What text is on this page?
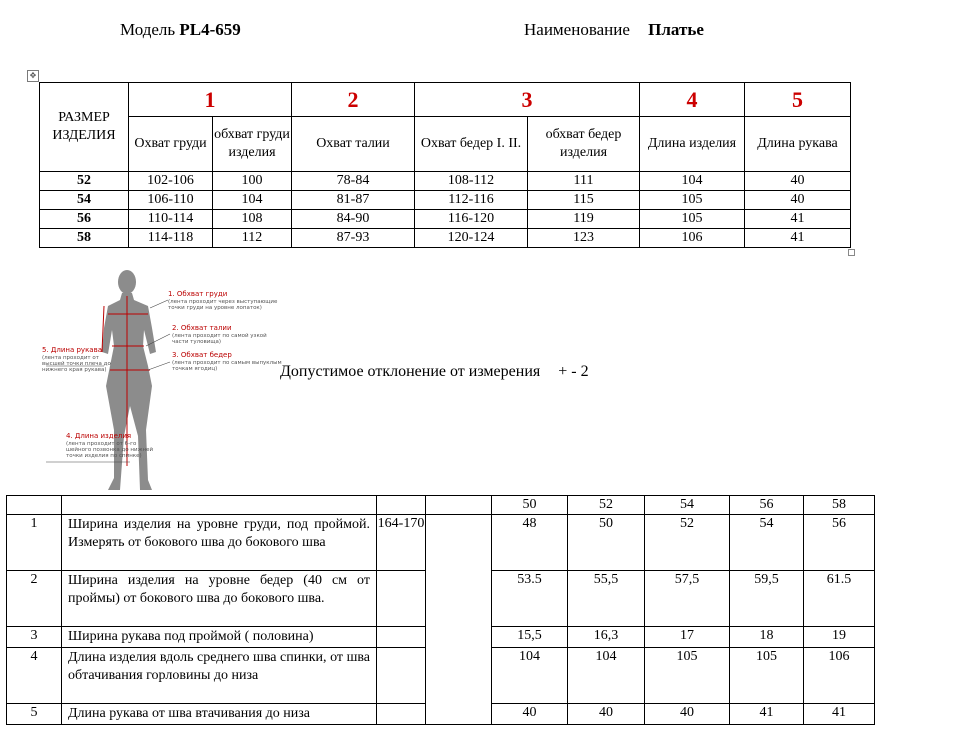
Модель PL4-659	Наименование Платье
✥
РАЗМЕР ИЗДЕЛИЯ	1		2	3		4	5
	Охват груди	обхват груди изделия	Охват талии	Охват бедер I. II.	обхват бедер изделия	Длина изделия	Длина рукава
52	102-106	100	78-84	108-112	111	104	40
54	106-110	104	81-87	112-116	115	105	40
56	110-114	108	84-90	116-120	119	105	41
58	114-118	112	87-93	120-124	123	106	41
1. Обхват груди
(лента проходит через выступающие
точки груди на уровне лопаток)
2. Обхват талии
(лента проходит по самой узкой
части туловища)
3. Обхват бедер
(лента проходит по самым выпуклым
точкам ягодиц)
5. Длина рукава
(лента проходит от
высшей точки плеча до
нижнего края рукава)
4. Длина изделия
(лента проходит от 6-го
шейного позвонка до нижней
точки изделия по спинке)
Допустимое отклонение от измерения + - 2
				50	52	54	56	58
1	Ширина изделия на уровне груди, под проймой. Измерять от бокового шва до бокового шва	164-170		48	50	52	54	56
2	Ширина изделия на уровне бедер (40 см от проймы) от бокового шва до бокового шва.			53.5	55,5	57,5	59,5	61.5
3	Ширина рукава под проймой ( половина)			15,5	16,3	17	18	19
4	Длина изделия вдоль среднего шва спинки, от шва обтачивания горловины до низа			104	104	105	105	106
5	Длина рукава от шва втачивания до низа			40	40	40	41	41
